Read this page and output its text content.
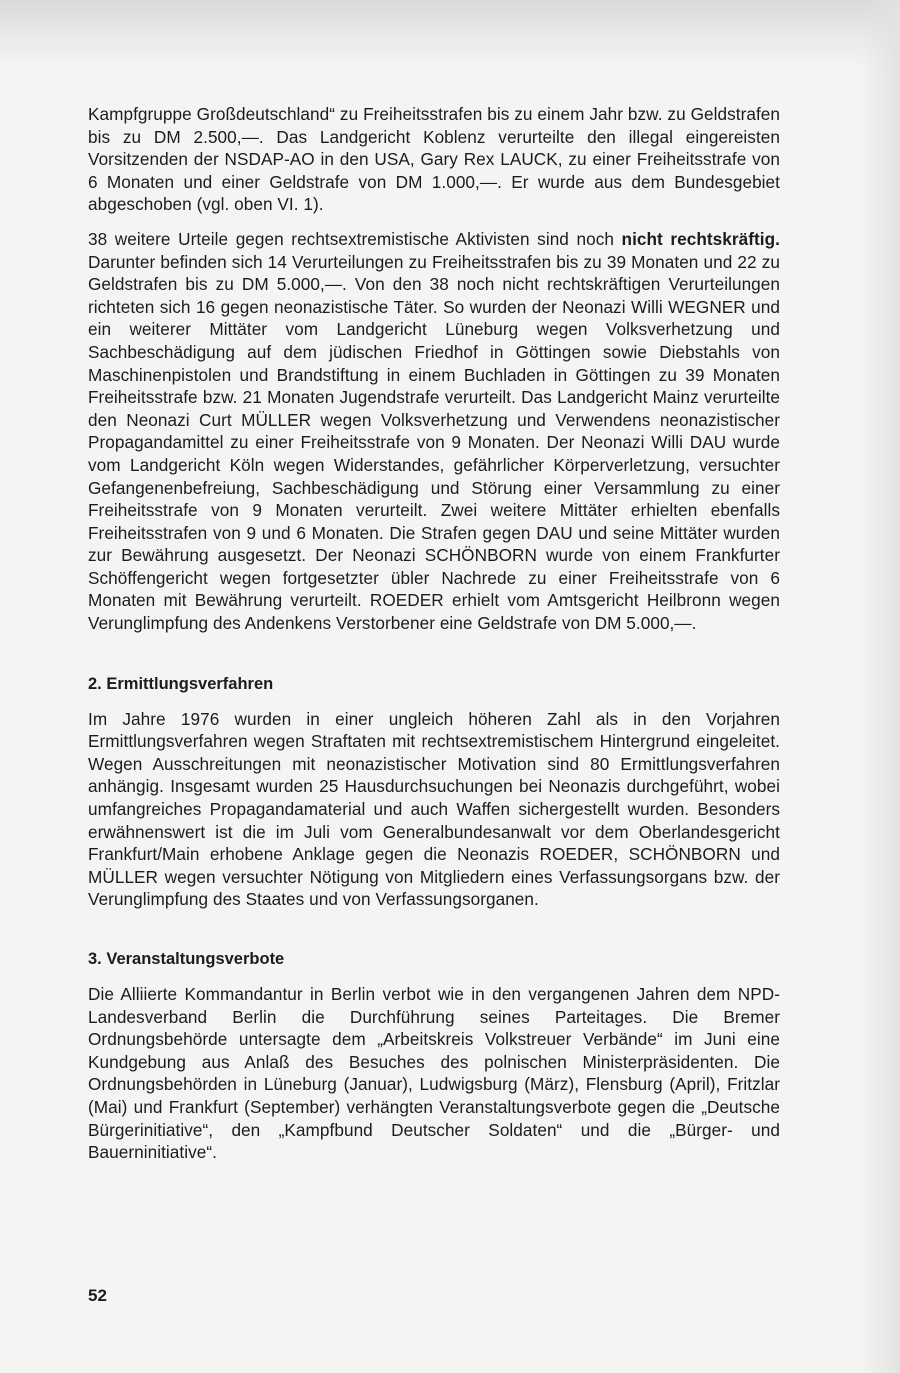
Kampfgruppe Großdeutschland“ zu Freiheitsstrafen bis zu einem Jahr bzw. zu Geldstrafen bis zu DM 2.500,—. Das Landgericht Koblenz verurteilte den illegal eingereisten Vorsitzenden der NSDAP-AO in den USA, Gary Rex LAUCK, zu einer Freiheitsstrafe von 6 Monaten und einer Geldstrafe von DM 1.000,—. Er wurde aus dem Bundesgebiet abgeschoben (vgl. oben VI. 1).

38 weitere Urteile gegen rechtsextremistische Aktivisten sind noch nicht rechtskräftig. Darunter befinden sich 14 Verurteilungen zu Freiheitsstrafen bis zu 39 Monaten und 22 zu Geldstrafen bis zu DM 5.000,—. Von den 38 noch nicht rechtskräftigen Verurteilungen richteten sich 16 gegen neonazistische Täter. So wurden der Neonazi Willi WEGNER und ein weiterer Mittäter vom Landgericht Lüneburg wegen Volksverhetzung und Sachbeschädigung auf dem jüdischen Friedhof in Göttingen sowie Diebstahls von Maschinenpistolen und Brandstiftung in einem Buchladen in Göttingen zu 39 Monaten Freiheitsstrafe bzw. 21 Monaten Jugendstrafe verurteilt. Das Landgericht Mainz verurteilte den Neonazi Curt MÜLLER wegen Volksverhetzung und Verwendens neonazistischer Propagandamittel zu einer Freiheitsstrafe von 9 Monaten. Der Neonazi Willi DAU wurde vom Landgericht Köln wegen Widerstandes, gefährlicher Körperverletzung, versuchter Gefangenenbefreiung, Sachbeschädigung und Störung einer Versammlung zu einer Freiheitsstrafe von 9 Monaten verurteilt. Zwei weitere Mittäter erhielten ebenfalls Freiheitsstrafen von 9 und 6 Monaten. Die Strafen gegen DAU und seine Mittäter wurden zur Bewährung ausgesetzt. Der Neonazi SCHÖNBORN wurde von einem Frankfurter Schöffengericht wegen fortgesetzter übler Nachrede zu einer Freiheitsstrafe von 6 Monaten mit Bewährung verurteilt. ROEDER erhielt vom Amtsgericht Heilbronn wegen Verunglimpfung des Andenkens Verstorbener eine Geldstrafe von DM 5.000,—.

2. Ermittlungsverfahren

Im Jahre 1976 wurden in einer ungleich höheren Zahl als in den Vorjahren Ermittlungsverfahren wegen Straftaten mit rechtsextremistischem Hintergrund eingeleitet. Wegen Ausschreitungen mit neonazistischer Motivation sind 80 Ermittlungsverfahren anhängig. Insgesamt wurden 25 Hausdurchsuchungen bei Neonazis durchgeführt, wobei umfangreiches Propagandamaterial und auch Waffen sichergestellt wurden. Besonders erwähnenswert ist die im Juli vom Generalbundesanwalt vor dem Oberlandesgericht Frankfurt/Main erhobene Anklage gegen die Neonazis ROEDER, SCHÖNBORN und MÜLLER wegen versuchter Nötigung von Mitgliedern eines Verfassungsorgans bzw. der Verunglimpfung des Staates und von Verfassungsorganen.

3. Veranstaltungsverbote

Die Alliierte Kommandantur in Berlin verbot wie in den vergangenen Jahren dem NPD-Landesverband Berlin die Durchführung seines Parteitages. Die Bremer Ordnungsbehörde untersagte dem „Arbeitskreis Volkstreuer Verbände“ im Juni eine Kundgebung aus Anlaß des Besuches des polnischen Ministerpräsidenten. Die Ordnungsbehörden in Lüneburg (Januar), Ludwigsburg (März), Flensburg (April), Fritzlar (Mai) und Frankfurt (September) verhängten Veranstaltungsverbote gegen die „Deutsche Bürgerinitiative“, den „Kampfbund Deutscher Soldaten“ und die „Bürger- und Bauerninitiative“.

52
